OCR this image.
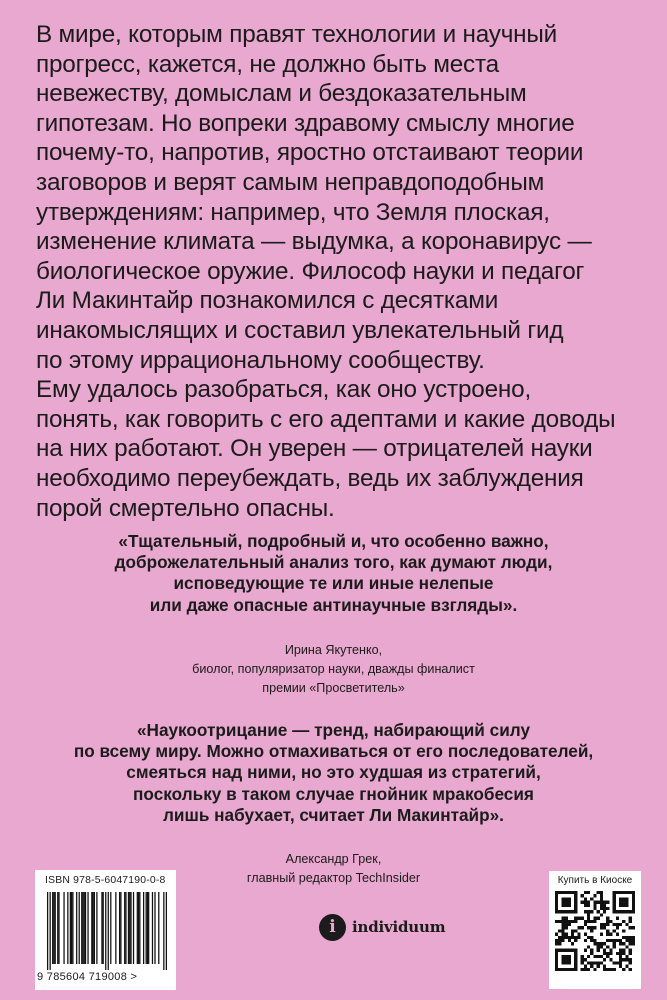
В мире, которым правят технологии и научный
прогресс, кажется, не должно быть места
невежеству, домыслам и бездоказательным
гипотезам. Но вопреки здравому смыслу многие
почему-то, напротив, яростно отстаивают теории
заговоров и верят самым неправдоподобным
утверждениям: например, что Земля плоская,
изменение климата — выдумка, а коронавирус —
биологическое оружие. Философ науки и педагог
Ли Макинтайр познакомился с десятками
инакомыслящих и составил увлекательный гид
по этому иррациональному сообществу.
Ему удалось разобраться, как оно устроено,
понять, как говорить с его адептами и какие доводы
на них работают. Он уверен — отрицателей науки
необходимо переубеждать, ведь их заблуждения
порой смертельно опасны.
«Тщательный, подробный и, что особенно важно,
доброжелательный анализ того, как думают люди,
исповедующие те или иные нелепые
или даже опасные антинаучные взгляды».
Ирина Якутенко,
биолог, популяризатор науки, дважды финалист
премии «Просветитель»
«Наукоотрицание — тренд, набирающий силу
по всему миру. Можно отмахиваться от его последователей,
смеяться над ними, но это худшая из стратегий,
поскольку в таком случае гнойник мракобесия
лишь набухает, считает Ли Макинтайр».
Александр Грек,
главный редактор TechInsider
ISBN 978-5-6047190-0-8
9 785604 719008 >
i	individuum
Купить в Киоске
